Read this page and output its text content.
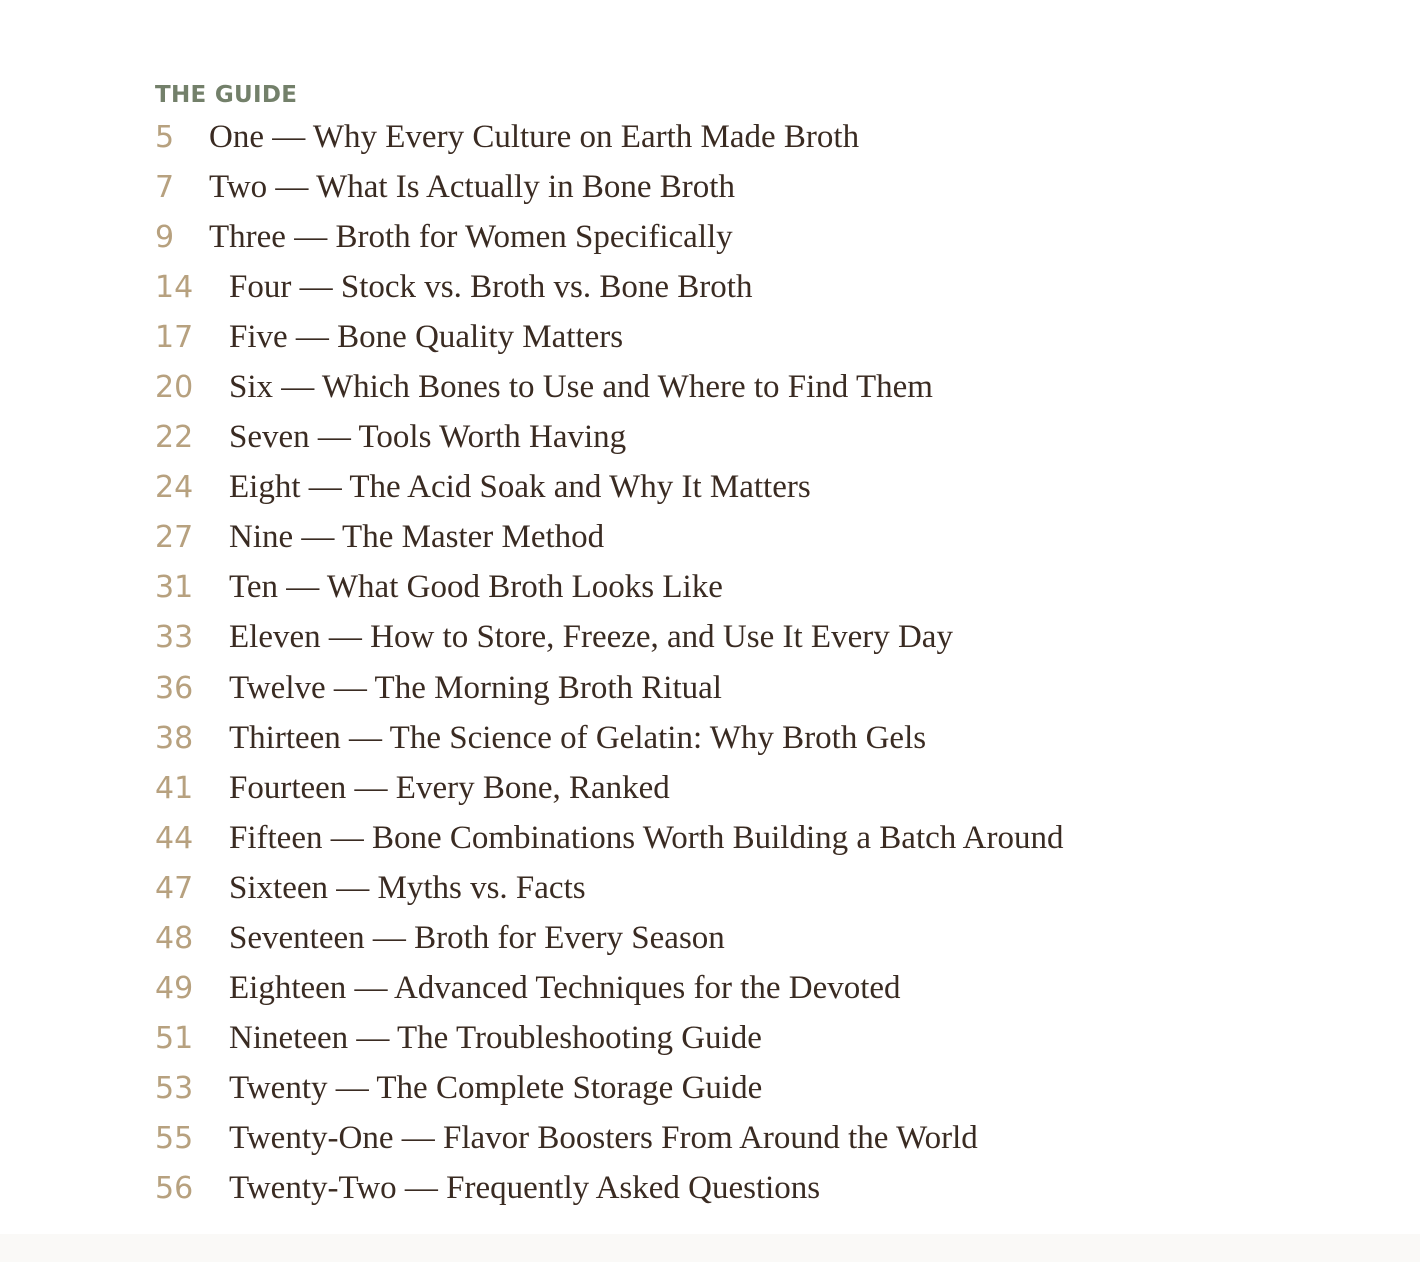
THE GUIDE
5	One — Why Every Culture on Earth Made Broth
7	Two — What Is Actually in Bone Broth
9	Three — Broth for Women Specifically
14	Four — Stock vs. Broth vs. Bone Broth
17	Five — Bone Quality Matters
20	Six — Which Bones to Use and Where to Find Them
22	Seven — Tools Worth Having
24	Eight — The Acid Soak and Why It Matters
27	Nine — The Master Method
31	Ten — What Good Broth Looks Like
33	Eleven — How to Store, Freeze, and Use It Every Day
36	Twelve — The Morning Broth Ritual
38	Thirteen — The Science of Gelatin: Why Broth Gels
41	Fourteen — Every Bone, Ranked
44	Fifteen — Bone Combinations Worth Building a Batch Around
47	Sixteen — Myths vs. Facts
48	Seventeen — Broth for Every Season
49	Eighteen — Advanced Techniques for the Devoted
51	Nineteen — The Troubleshooting Guide
53	Twenty — The Complete Storage Guide
55	Twenty-One — Flavor Boosters From Around the World
56	Twenty-Two — Frequently Asked Questions
